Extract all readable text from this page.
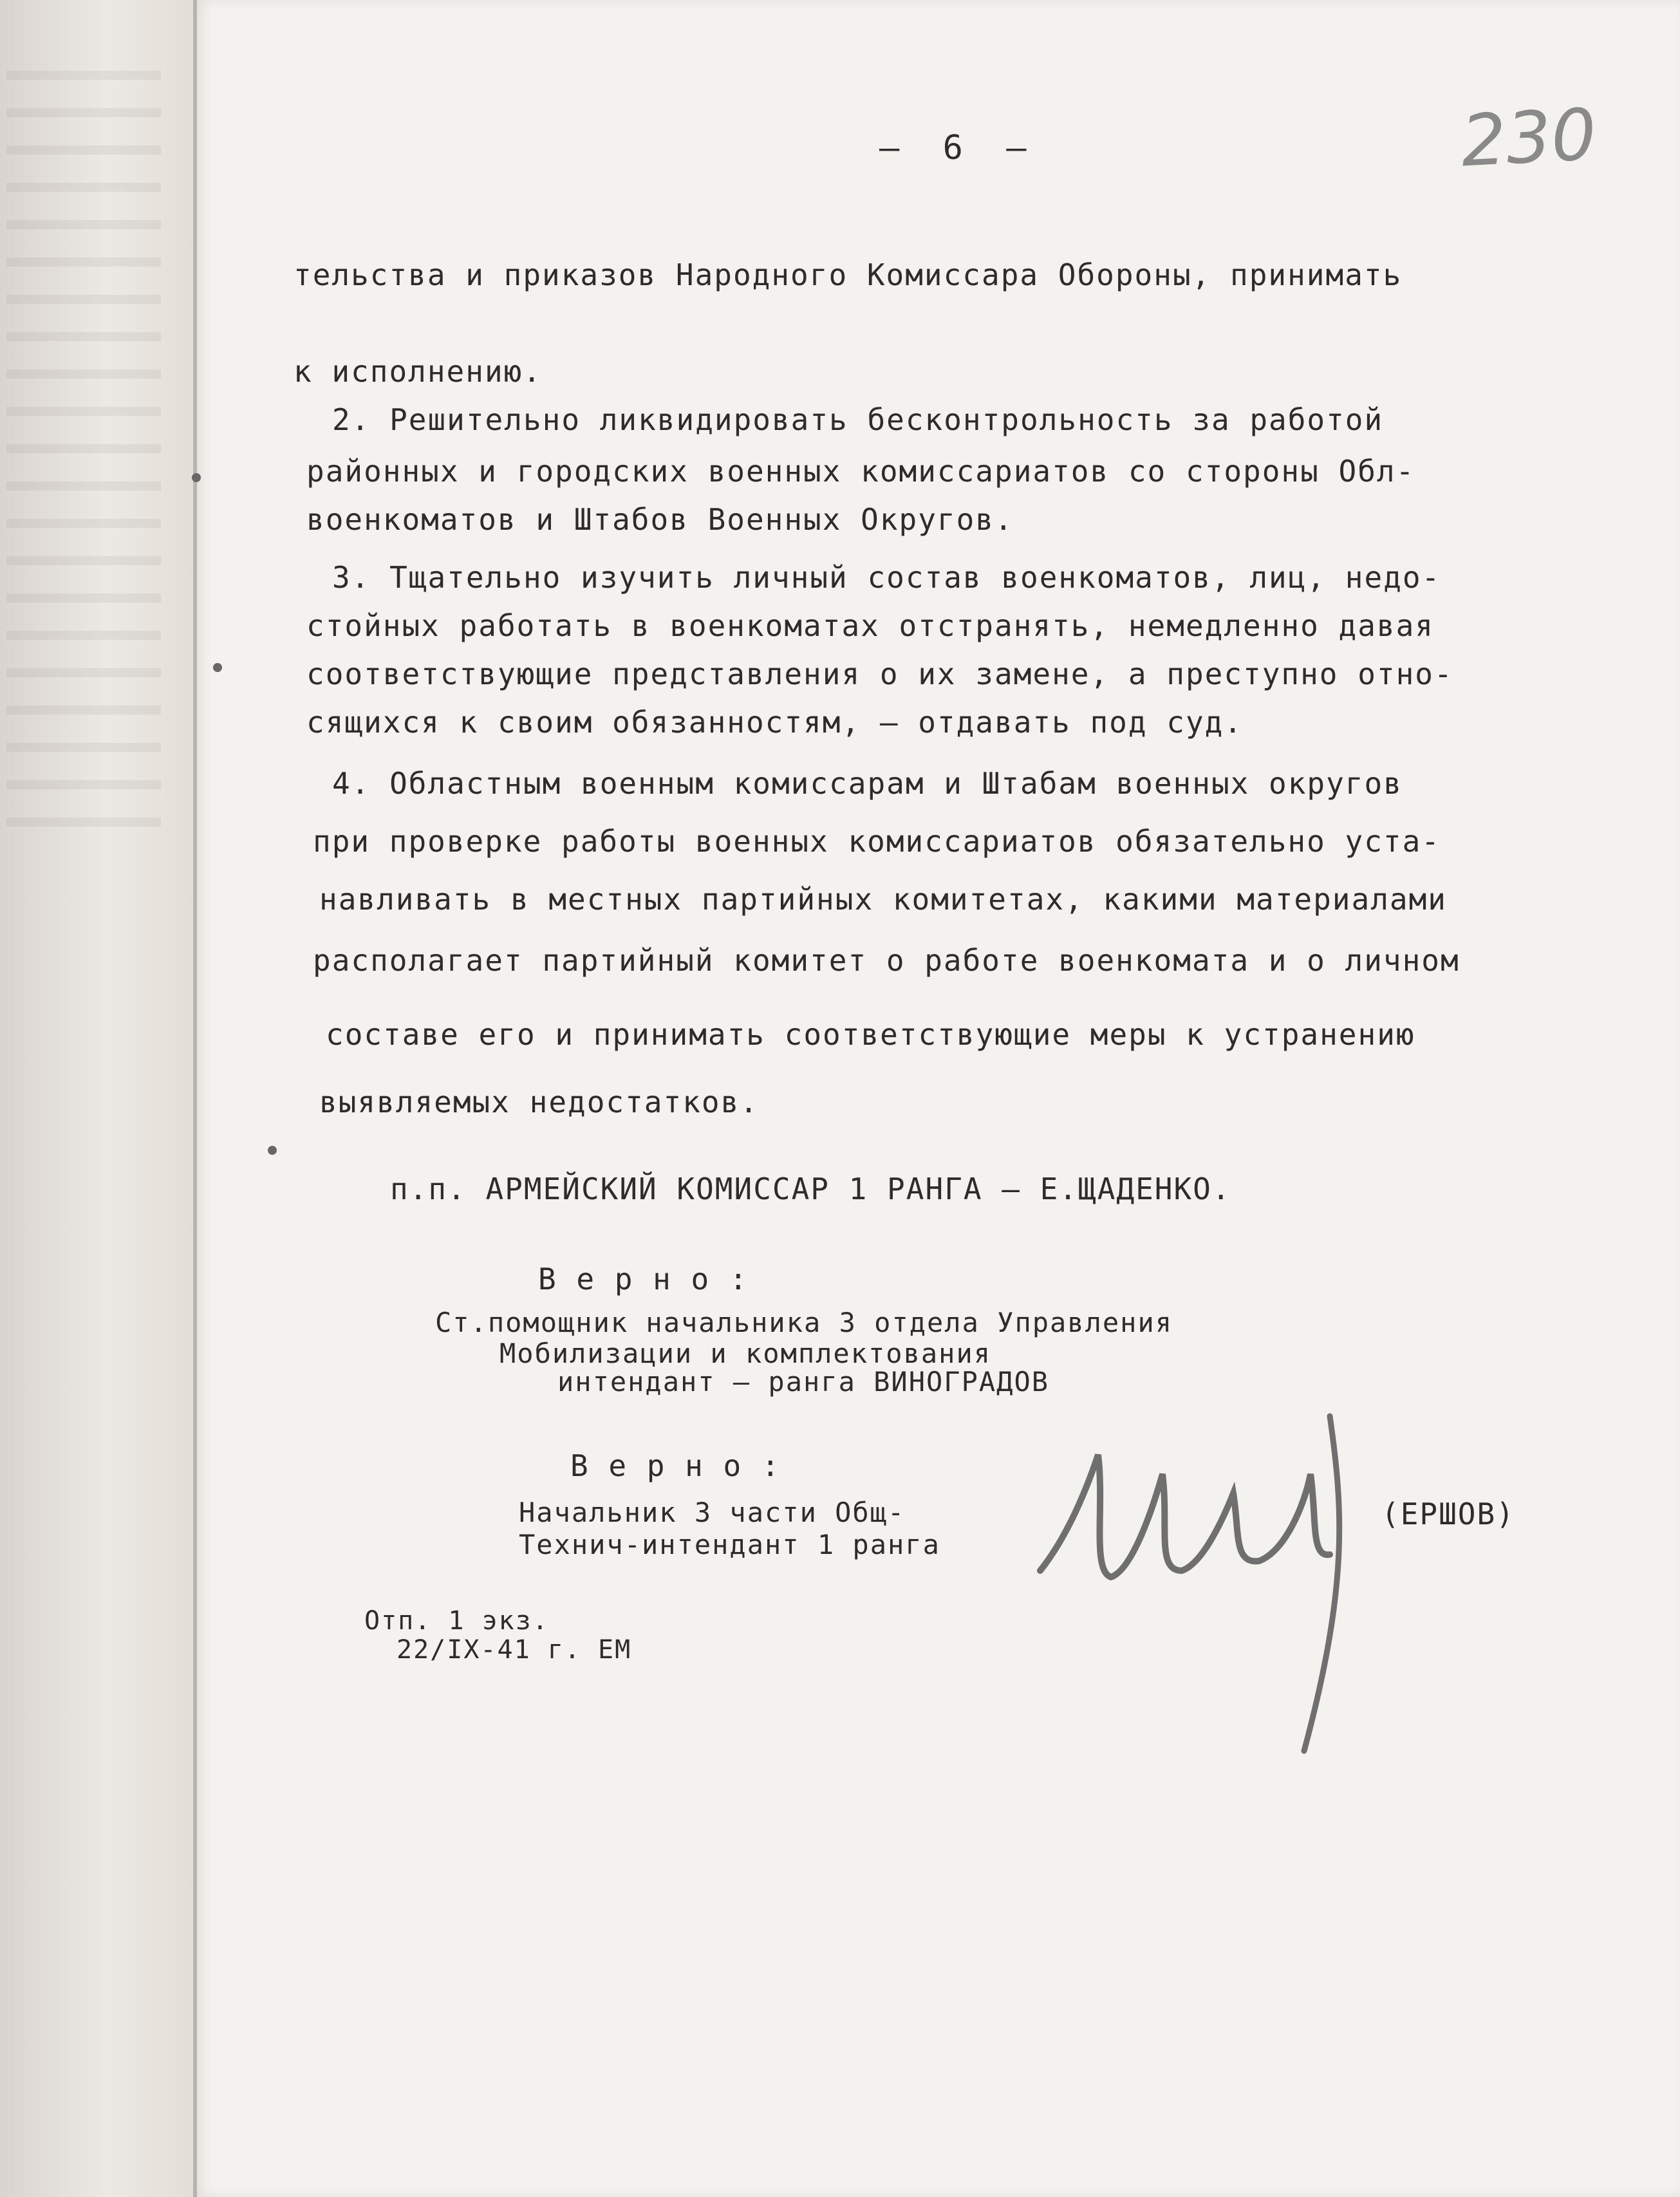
– 6 –	230
тельства и приказов Народного Комиссара Обороны, принимать
к исполнению.
2. Решительно ликвидировать бесконтрольность за работой
районных и городских военных комиссариатов со стороны Обл-
военкоматов и Штабов Военных Округов.
3. Тщательно изучить личный состав военкоматов, лиц, недо-
стойных работать в военкоматах отстранять, немедленно давая
соответствующие представления о их замене, а преступно отно-
сящихся к своим обязанностям, – отдавать под суд.
4. Областным военным комиссарам и Штабам военных округов
при проверке работы военных комиссариатов обязательно уста-
навливать в местных партийных комитетах, какими материалами
располагает партийный комитет о работе военкомата и о личном
составе его и принимать соответствующие меры к устранению
выявляемых недостатков.
п.п. АРМЕЙСКИЙ КОМИССАР 1 РАНГА – Е.ЩАДЕНКО.
В е р н о :
Ст.помощник начальника 3 отдела Управления
Мобилизации и комплектования
интендант – ранга ВИНОГРАДОВ
В е р н о :
Начальник 3 части Общ-
Технич-интендант 1 ранга
(ЕРШОВ)
Отп. 1 экз.
22/IX-41 г. ЕМ
